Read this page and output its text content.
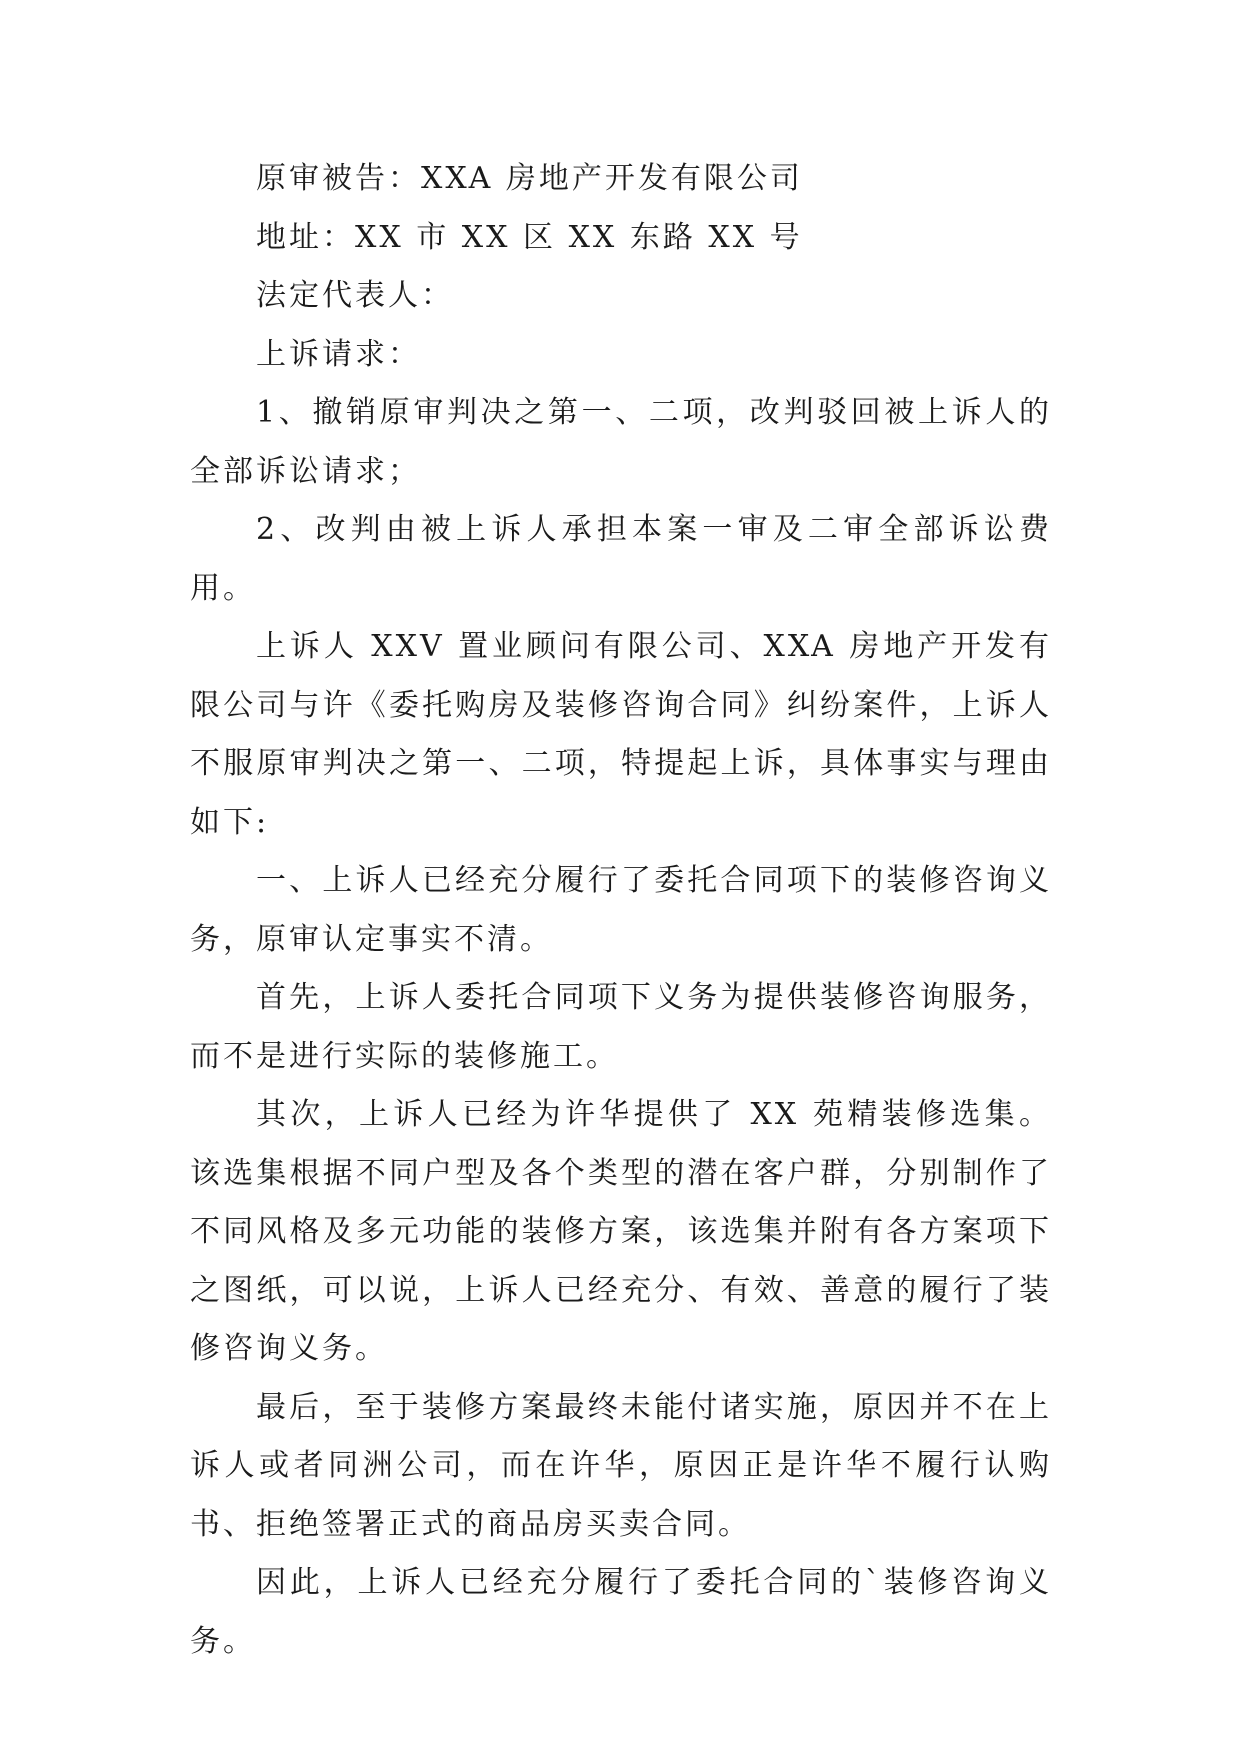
原审被告：XXA 房地产开发有限公司

地址：XX 市 XX 区 XX 东路 XX 号

法定代表人：

上诉请求：

1、撤销原审判决之第一、二项，改判驳回被上诉人的全部诉讼请求；

2、改判由被上诉人承担本案一审及二审全部诉讼费用。

上诉人 XXV 置业顾问有限公司、XXA 房地产开发有限公司与许《委托购房及装修咨询合同》纠纷案件，上诉人不服原审判决之第一、二项，特提起上诉，具体事实与理由如下:

一、上诉人已经充分履行了委托合同项下的装修咨询义务，原审认定事实不清。

首先，上诉人委托合同项下义务为提供装修咨询服务，而不是进行实际的装修施工。

其次，上诉人已经为许华提供了 XX 苑精装修选集。该选集根据不同户型及各个类型的潜在客户群，分别制作了不同风格及多元功能的装修方案，该选集并附有各方案项下之图纸，可以说，上诉人已经充分、有效、善意的履行了装修咨询义务。

最后，至于装修方案最终未能付诸实施，原因并不在上诉人或者同洲公司，而在许华，原因正是许华不履行认购书、拒绝签署正式的商品房买卖合同。

因此，上诉人已经充分履行了委托合同的`装修咨询义务。
